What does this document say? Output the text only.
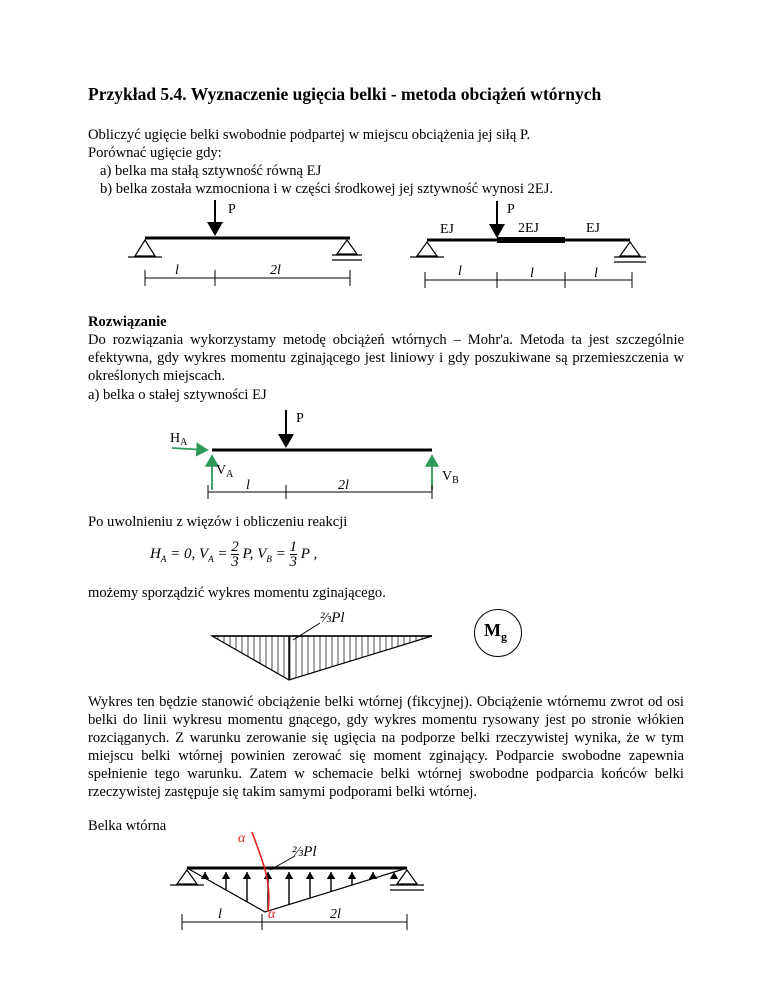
Przykład 5.4. Wyznaczenie ugięcia belki - metoda obciążeń wtórnych
Obliczyć ugięcie belki swobodnie podpartej w miejscu obciążenia jej siłą P.
Porównać ugięcie gdy:
a) belka ma stałą sztywność równą EJ
b) belka została wzmocniona i w części środkowej jej sztywność wynosi 2EJ.
P
l	2l
P
EJ	2EJ	EJ
l	l	l
P
$H_A$
$V_A$	$V_B$
l	2l
⅔Pl
α
α
⅔Pl
l	2l
Rozwiązanie
Do rozwiązania wykorzystamy metodę obciążeń wtórnych – Mohr'a. Metoda ta jest szczególnie efektywna, gdy wykres momentu zginającego jest liniowy i gdy poszukiwane są przemieszczenia w określonych miejscach.
a) belka o stałej sztywności EJ
Po uwolnieniu z więzów i obliczeniu reakcji
$H_A = 0$, $V_A = \frac{2}{3} P$, $V_B = \frac{1}{3}$ P ,
możemy sporządzić wykres momentu zginającego.
$M_g$
Wykres ten będzie stanowić obciążenie belki wtórnej (fikcyjnej). Obciążenie wtórnemu zwrot od osi belki do linii wykresu momentu gnącego, gdy wykres momentu rysowany jest po stronie włókien rozciąganych. Z warunku zerowanie się ugięcia na podporze belki rzeczywistej wynika, że w tym miejscu belki wtórnej powinien zerować się moment zginający. Podparcie swobodne zapewnia spełnienie tego warunku. Zatem w schemacie belki wtórnej swobodne podparcia końców belki rzeczywistej zastępuje się takim samymi podporami belki wtórnej.
Belka wtórna
